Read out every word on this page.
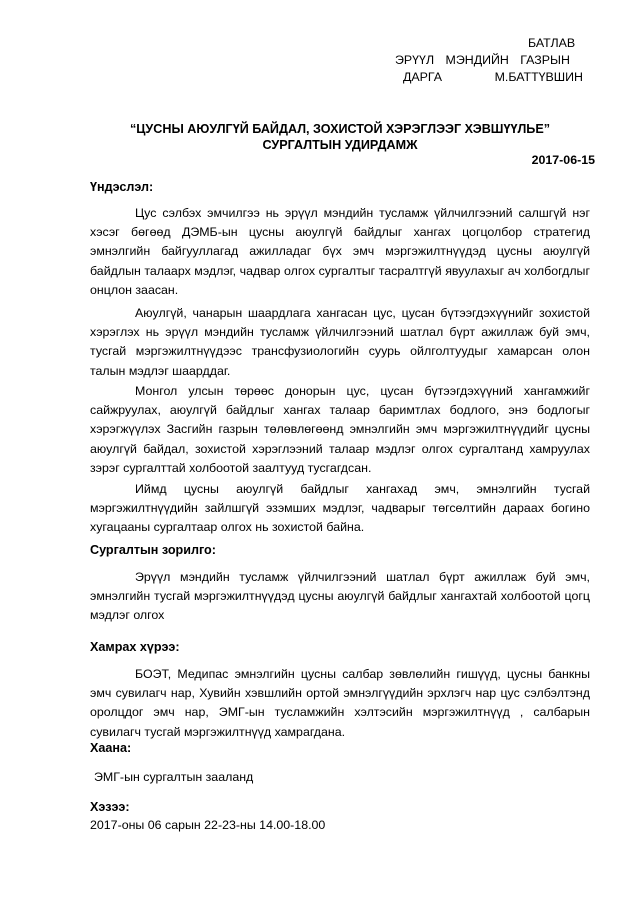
БАТЛАВ
ЭРҮҮЛ МЭНДИЙН ГАЗРЫН
ДАРГА	М.БАТТҮВШИН
“ЦУСНЫ АЮУЛГҮЙ БАЙДАЛ, ЗОХИСТОЙ ХЭРЭГЛЭЭГ ХЭВШҮҮЛЬЕ”
СУРГАЛТЫН УДИРДАМЖ
2017-06-15
Үндэслэл:

Цус сэлбэх эмчилгээ нь эрүүл мэндийн тусламж үйлчилгээний салшгүй нэг хэсэг бөгөөд ДЭМБ-ын цусны аюулгүй байдлыг хангах цогцолбор стратегид эмнэлгийн байгууллагад ажилладаг бүх эмч мэргэжилтнүүдэд цусны аюулгүй байдлын талаарх мэдлэг, чадвар олгох сургалтыг тасралтгүй явуулахыг ач холбогдлыг онцлон заасан.

Аюулгүй, чанарын шаардлага хангасан цус, цусан бүтээгдэхүүнийг зохистой хэрэглэх нь эрүүл мэндийн тусламж үйлчилгээний шатлал бүрт ажиллаж буй эмч, тусгай мэргэжилтнүүдээс трансфузиологийн суурь ойлголтуудыг хамарсан олон талын мэдлэг шаарддаг.

Монгол улсын төрөөс донорын цус, цусан бүтээгдэхүүний хангамжийг сайжруулах, аюулгүй байдлыг хангах талаар баримтлах бодлого, энэ бодлогыг хэрэгжүүлэх Засгийн газрын төлөвлөгөөнд эмнэлгийн эмч мэргэжилтнүүдийг цусны аюулгүй байдал, зохистой хэрэглээний талаар мэдлэг олгох сургалтанд хамруулах зэрэг сургалттай холбоотой заалтууд тусгагдсан.

Иймд цусны аюулгүй байдлыг хангахад эмч, эмнэлгийн тусгай мэргэжилтнүүдийн зайлшгүй эзэмших мэдлэг, чадварыг төгсөлтийн дараах богино хугацааны сургалтаар олгох нь зохистой байна.

Сургалтын зорилго:

Эрүүл мэндийн тусламж үйлчилгээний шатлал бүрт ажиллаж буй эмч, эмнэлгийн тусгай мэргэжилтнүүдэд цусны аюулгүй байдлыг хангахтай холбоотой цогц мэдлэг олгох

Хамрах хүрээ:

БОЭТ, Медипас эмнэлгийн цусны салбар зөвлөлийн гишүүд, цусны банкны эмч сувилагч нар, Хувийн хэвшлийн ортой эмнэлгүүдийн эрхлэгч нар цус сэлбэлтэнд оролцдог эмч нар, ЭМГ-ын тусламжийн хэлтэсийн мэргэжилтнүүд , салбарын сувилагч тусгай мэргэжилтнүүд хамрагдана.

Хаана:
ЭМГ-ын сургалтын зааланд
Хэзээ:
2017-оны 06 сарын 22-23-ны 14.00-18.00
